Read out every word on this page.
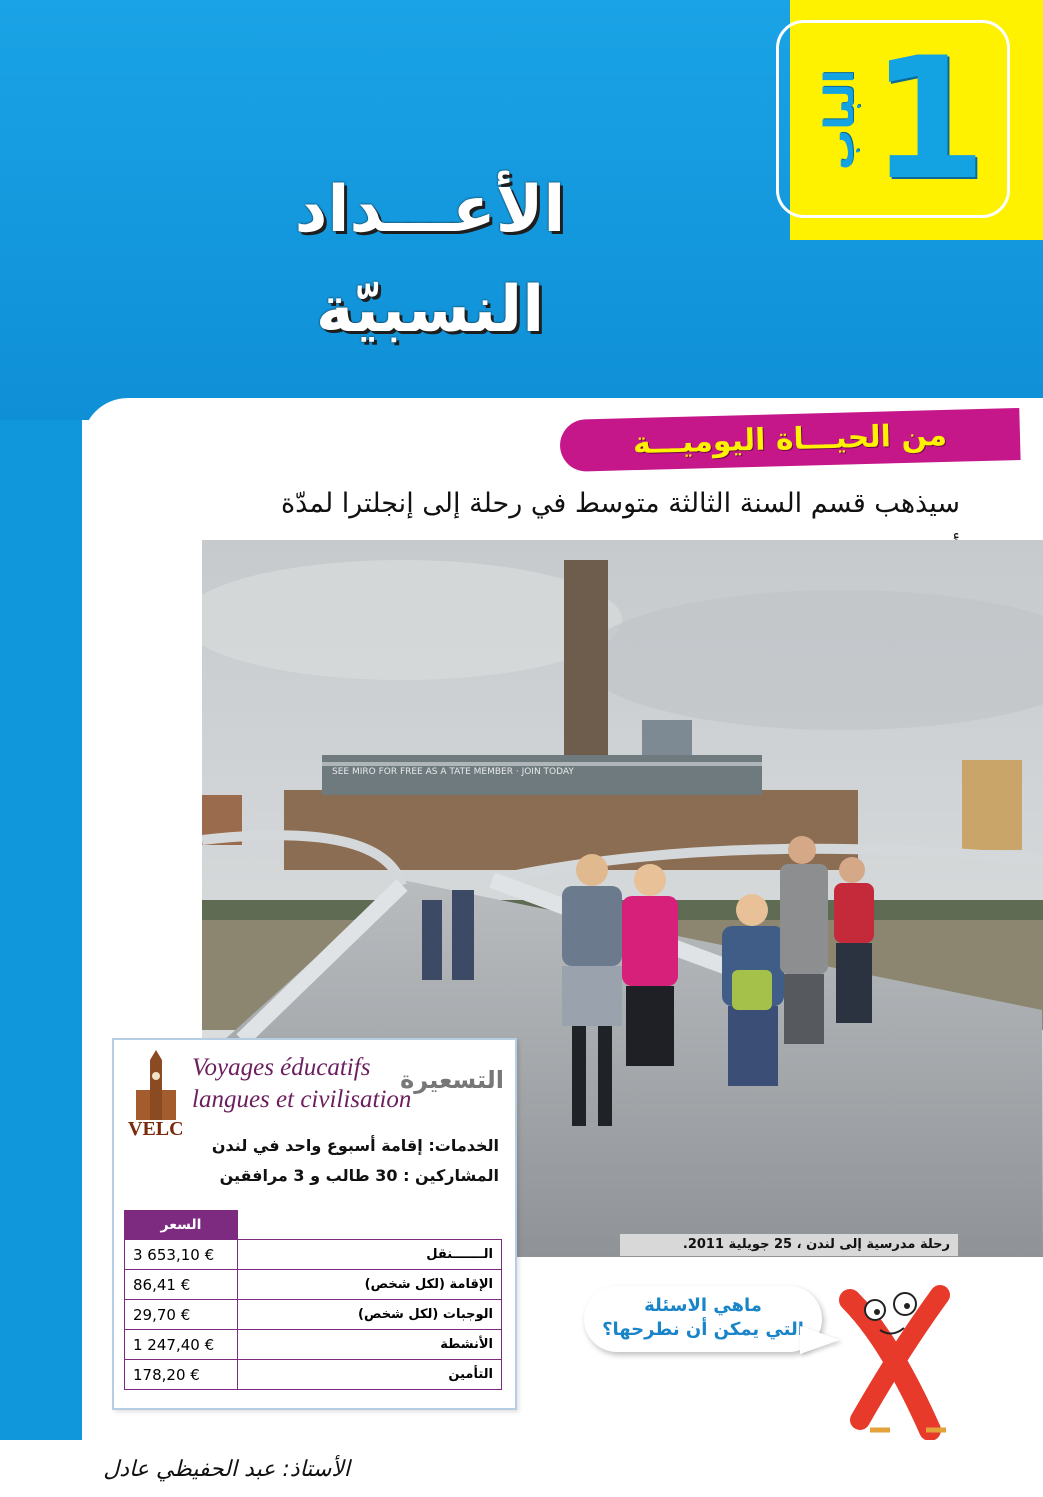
1
الباب
الأعـــداد النسبيّة
من الحيـــاة اليوميـــة
سيذهب قسم السنة الثالثة متوسط في رحلة إلى إنجلترا لمدّة
SEE MIRO FOR FREE AS A TATE MEMBER · JOIN TODAY
رحلة مدرسية إلى لندن ، 25 جويلية 2011.
VELC
Voyages éducatifs
langues et civilisation
التسعيرة
الخدمات: إقامة أسبوع واحد في لندن
المشاركين : 30 طالب و 3 مرافقين
السعر	
3 653,10 €	الـــــــنقل
86,41 €	الإقامة (لكل شخص)
29,70 €	الوجبات (لكل شخص)
1 247,40 €	الأنشطة
178,20 €	التأمين
ماهي الاسئلة
التي يمكن أن نطرحها؟
الأستاذ: عبد الحفيظي عادل
